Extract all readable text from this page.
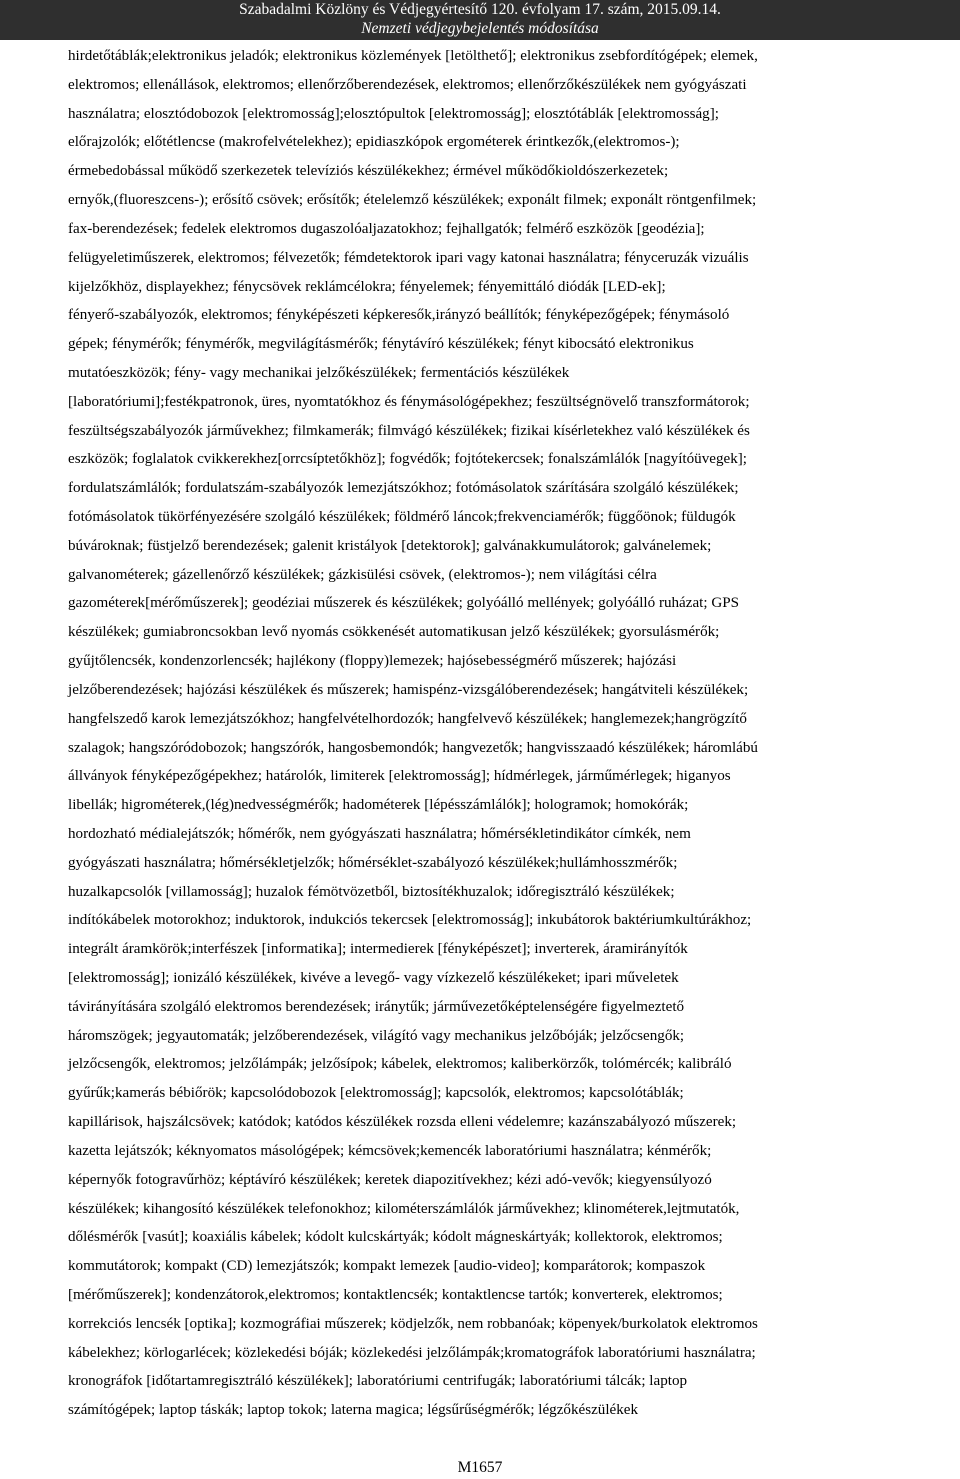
Szabadalmi Közlöny és Védjegyértesítő 120. évfolyam 17. szám, 2015.09.14.
Nemzeti védjegybejelentés módosítása
hirdetőtáblák;elektronikus jeladók; elektronikus közlemények [letölthető]; elektronikus zsebfordítógépek; elemek,
elektromos; ellenállások, elektromos; ellenőrzőberendezések, elektromos; ellenőrzőkészülékek nem gyógyászati
használatra; elosztódobozok [elektromosság];elosztópultok [elektromosság]; elosztótáblák [elektromosság];
előrajzolók; előtétlencse (makrofelvételekhez); epidiaszkópok ergométerek érintkezők,(elektromos-);
érmebedobással működő szerkezetek televíziós készülékekhez; érmével működőkioldószerkezetek;
ernyők,(fluoreszcens-); erősítő csövek; erősítők; ételelemző készülékek; exponált filmek; exponált röntgenfilmek;
fax-berendezések; fedelek elektromos dugaszolóaljazatokhoz; fejhallgatók; felmérő eszközök [geodézia];
felügyeletiműszerek, elektromos; félvezetők; fémdetektorok ipari vagy katonai használatra; fényceruzák vizuális
kijelzőkhöz, displayekhez; fénycsövek reklámcélokra; fényelemek; fényemittáló diódák [LED-ek];
fényerő-szabályozók, elektromos; fényképészeti képkeresők,irányzó beállítók; fényképezőgépek; fénymásoló
gépek; fénymérők; fénymérők, megvilágításmérők; fénytávíró készülékek; fényt kibocsátó elektronikus
mutatóeszközök; fény- vagy mechanikai jelzőkészülékek; fermentációs készülékek
[laboratóriumi];festékpatronok, üres, nyomtatókhoz és fénymásológépekhez; feszültségnövelő transzformátorok;
feszültségszabályozók járművekhez; filmkamerák; filmvágó készülékek; fizikai kísérletekhez való készülékek és
eszközök; foglalatok cvikkerekhez[orrcsíptetőkhöz]; fogvédők; fojtótekercsek; fonalszámlálók [nagyítóüvegek];
fordulatszámlálók; fordulatszám-szabályozók lemezjátszókhoz; fotómásolatok szárítására szolgáló készülékek;
fotómásolatok tükörfényezésére szolgáló készülékek; földmérő láncok;frekvenciamérők; függőönok; füldugók
búvároknak; füstjelző berendezések; galenit kristályok [detektorok]; galvánakkumulátorok; galvánelemek;
galvanométerek; gázellenőrző készülékek; gázkisülési csövek, (elektromos-); nem világítási célra
gazométerek[mérőműszerek]; geodéziai műszerek és készülékek; golyóálló mellények; golyóálló ruházat; GPS
készülékek; gumiabroncsokban levő nyomás csökkenését automatikusan jelző készülékek; gyorsulásmérők;
gyűjtőlencsék, kondenzorlencsék; hajlékony (floppy)lemezek; hajósebességmérő műszerek; hajózási
jelzőberendezések; hajózási készülékek és műszerek; hamispénz-vizsgálóberendezések; hangátviteli készülékek;
hangfelszedő karok lemezjátszókhoz; hangfelvételhordozók; hangfelvevő készülékek; hanglemezek;hangrögzítő
szalagok; hangszóródobozok; hangszórók, hangosbemondók; hangvezetők; hangvisszaadó készülékek; háromlábú
állványok fényképezőgépekhez; határolók, limiterek [elektromosság]; hídmérlegek, járműmérlegek; higanyos
libellák; higrométerek,(lég)nedvességmérők; hadométerek [lépésszámlálók]; hologramok; homokórák;
hordozható médialejátszók; hőmérők, nem gyógyászati használatra; hőmérsékletindikátor címkék, nem
gyógyászati használatra; hőmérsékletjelzők; hőmérséklet-szabályozó készülékek;hullámhosszmérők;
huzalkapcsolók [villamosság]; huzalok fémötvözetből, biztosítékhuzalok; időregisztráló készülékek;
indítókábelek motorokhoz; induktorok, indukciós tekercsek [elektromosság]; inkubátorok baktériumkultúrákhoz;
integrált áramkörök;interfészek [informatika]; intermedierek [fényképészet]; inverterek, áramirányítók
[elektromosság]; ionizáló készülékek, kivéve a levegő- vagy vízkezelő készülékeket; ipari műveletek
távirányítására szolgáló elektromos berendezések; iránytűk; járművezetőképtelenségére figyelmeztető
háromszögek; jegyautomaták; jelzőberendezések, világító vagy mechanikus jelzőbóják; jelzőcsengők;
jelzőcsengők, elektromos; jelzőlámpák; jelzősípok; kábelek, elektromos; kaliberkörzők, tolómércék; kalibráló
gyűrűk;kamerás bébiőrök; kapcsolódobozok [elektromosság]; kapcsolók, elektromos; kapcsolótáblák;
kapillárisok, hajszálcsövek; katódok; katódos készülékek rozsda elleni védelemre; kazánszabályozó műszerek;
kazetta lejátszók; kéknyomatos másológépek; kémcsövek;kemencék laboratóriumi használatra; kénmérők;
képernyők fotogravűrhöz; képtávíró készülékek; keretek diapozitívekhez; kézi adó-vevők; kiegyensúlyozó
készülékek; kihangosító készülékek telefonokhoz; kilométerszámlálók járművekhez; klinométerek,lejtmutatók,
dőlésmérők [vasút]; koaxiális kábelek; kódolt kulcskártyák; kódolt mágneskártyák; kollektorok, elektromos;
kommutátorok; kompakt (CD) lemezjátszók; kompakt lemezek [audio-video]; komparátorok; kompaszok
[mérőműszerek]; kondenzátorok,elektromos; kontaktlencsék; kontaktlencse tartók; konverterek, elektromos;
korrekciós lencsék [optika]; kozmográfiai műszerek; ködjelzők, nem robbanóak; köpenyek/burkolatok elektromos
kábelekhez; körlogarlécek; közlekedési bóják; közlekedési jelzőlámpák;kromatográfok laboratóriumi használatra;
kronográfok [időtartamregisztráló készülékek]; laboratóriumi centrifugák; laboratóriumi tálcák; laptop
számítógépek; laptop táskák; laptop tokok; laterna magica; légsűrűségmérők; légzőkészülékek
M1657
